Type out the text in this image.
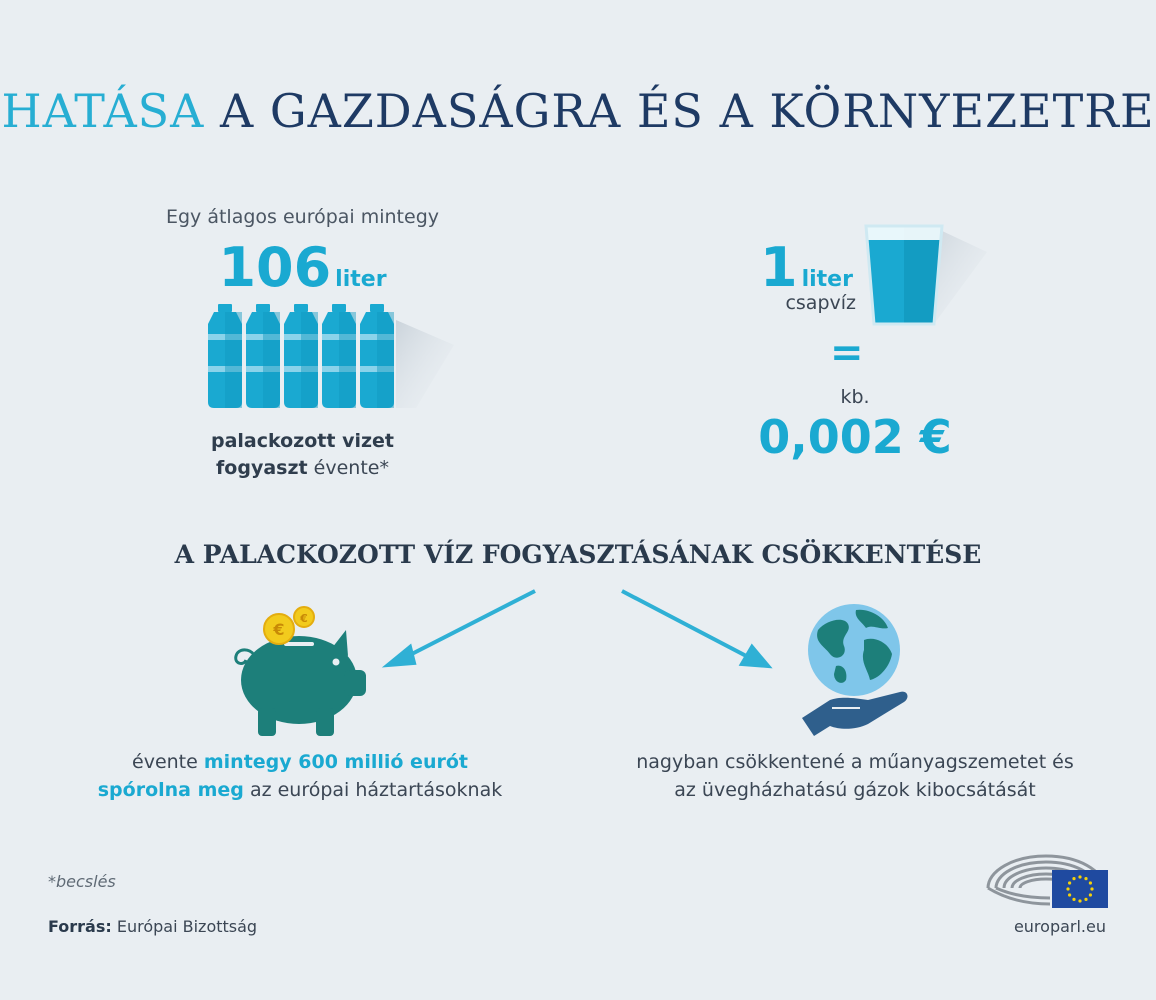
HATÁSA A GAZDASÁGRA ÉS A KÖRNYEZETRE
Egy átlagos európai mintegy
106 liter
palackozott vizet
fogyaszt évente*
1 liter
csapvíz
=
kb.
0,002 €
A PALACKOZOTT VÍZ FOGYASZTÁSÁNAK CSÖKKENTÉSE
€
€
évente mintegy 600 millió eurót
spórolna meg az európai háztartásoknak
nagyban csökkentené a műanyagszemetet és
az üvegházhatású gázok kibocsátását
*becslés
Forrás: Európai Bizottság	europarl.eu
